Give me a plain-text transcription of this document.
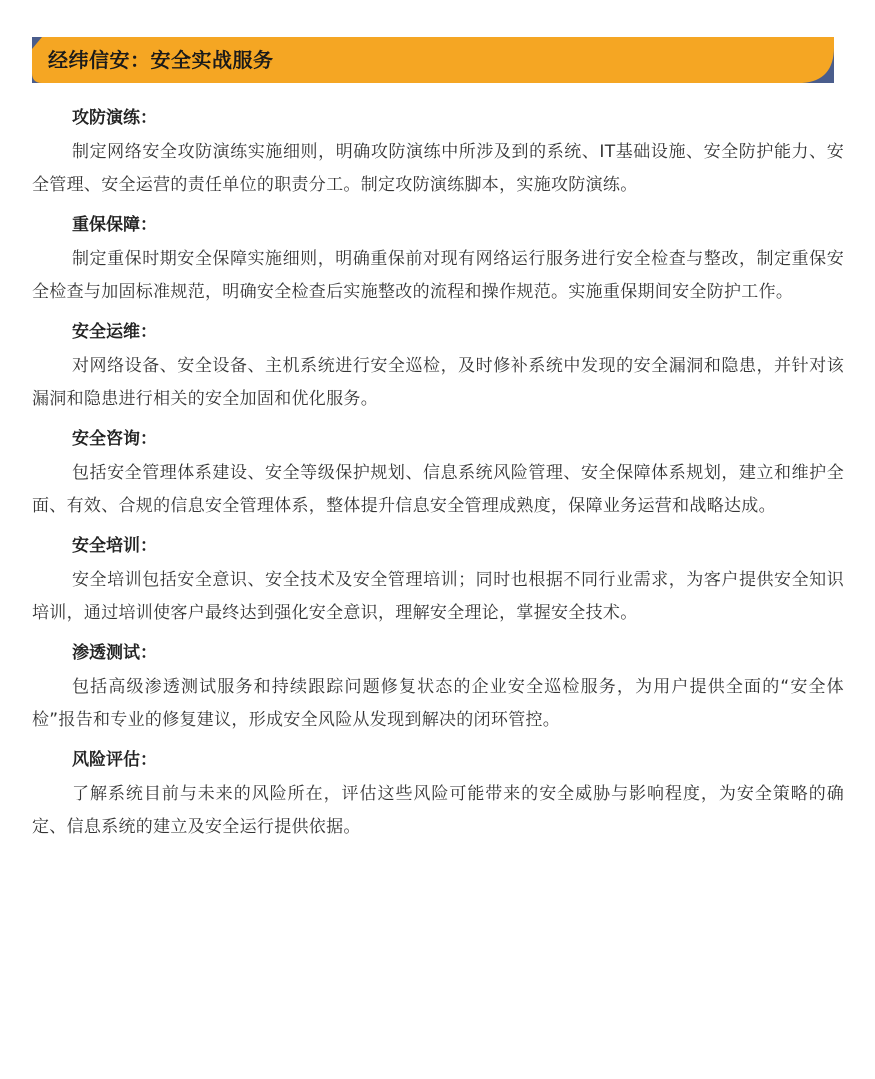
经纬信安：安全实战服务
攻防演练：

制定网络安全攻防演练实施细则，明确攻防演练中所涉及到的系统、IT基础设施、安全防护能力、安全管理、安全运营的责任单位的职责分工。制定攻防演练脚本，实施攻防演练。

重保保障：

制定重保时期安全保障实施细则，明确重保前对现有网络运行服务进行安全检查与整改，制定重保安全检查与加固标准规范，明确安全检查后实施整改的流程和操作规范。实施重保期间安全防护工作。

安全运维：

对网络设备、安全设备、主机系统进行安全巡检，及时修补系统中发现的安全漏洞和隐患，并针对该漏洞和隐患进行相关的安全加固和优化服务。

安全咨询：

包括安全管理体系建设、安全等级保护规划、信息系统风险管理、安全保障体系规划，建立和维护全面、有效、合规的信息安全管理体系，整体提升信息安全管理成熟度，保障业务运营和战略达成。

安全培训：

安全培训包括安全意识、安全技术及安全管理培训；同时也根据不同行业需求，为客户提供安全知识培训，通过培训使客户最终达到强化安全意识，理解安全理论，掌握安全技术。

渗透测试：

包括高级渗透测试服务和持续跟踪问题修复状态的企业安全巡检服务，为用户提供全面的“安全体检”报告和专业的修复建议，形成安全风险从发现到解决的闭环管控。

风险评估：

了解系统目前与未来的风险所在，评估这些风险可能带来的安全威胁与影响程度，为安全策略的确定、信息系统的建立及安全运行提供依据。
